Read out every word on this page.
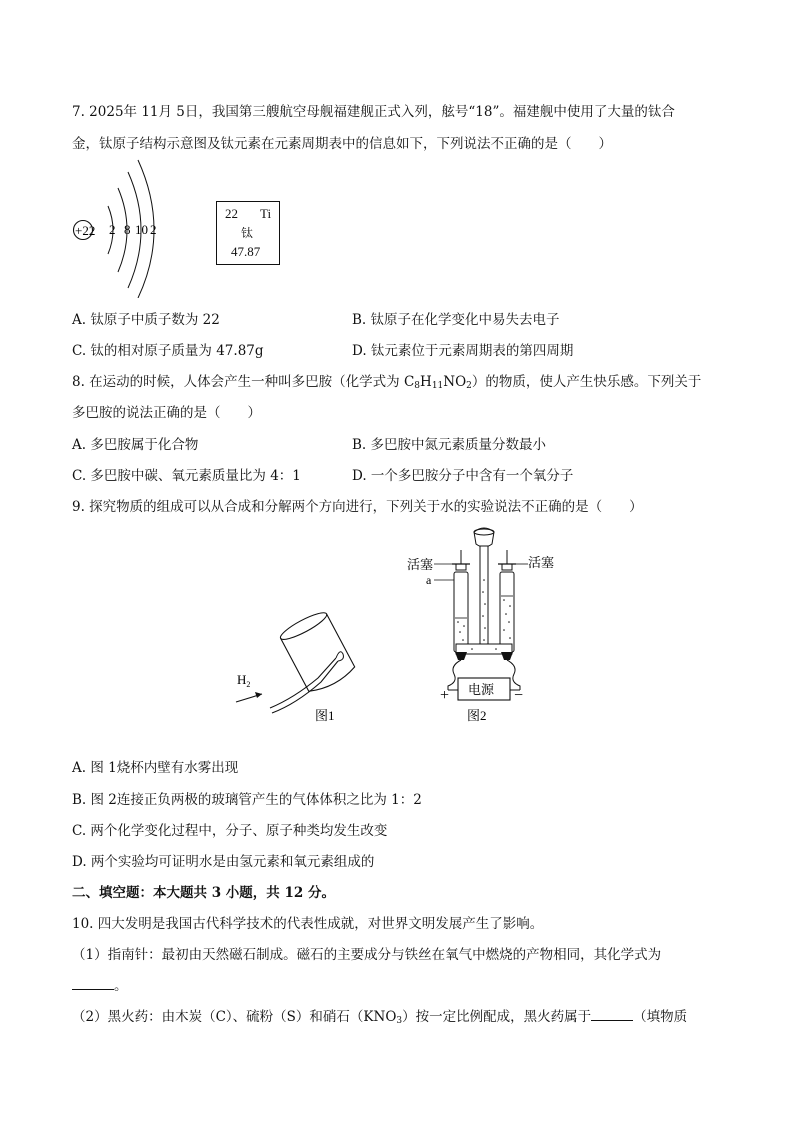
7. 2025年 11月 5日，我国第三艘航空母舰福建舰正式入列，舷号“18”。福建舰中使用了大量的钛合
金，钛原子结构示意图及钛元素在元素周期表中的信息如下，下列说法不正确的是（　　）
+22 2 8 10 2
22 Ti
钛
47.87
A. 钛原子中质子数为 22	B. 钛原子在化学变化中易失去电子
C. 钛的相对原子质量为 47.87g	D. 钛元素位于元素周期表的第四周期
8. 在运动的时候，人体会产生一种叫多巴胺（化学式为 $C_8H_{11}NO_2$）的物质，使人产生快乐感。下列关于
多巴胺的说法正确的是（　　）
A. 多巴胺属于化合物	B. 多巴胺中氮元素质量分数最小
C. 多巴胺中碳、氧元素质量比为 4：1	D. 一个多巴胺分子中含有一个氧分子
9. 探究物质的组成可以从合成和分解两个方向进行，下列关于水的实验说法不正确的是（　　）
$H_2$
图1
电源
+	−
活塞	活塞
a
图2
A. 图 1烧杯内壁有水雾出现
B. 图 2连接正负两极的玻璃管产生的气体体积之比为 1：2
C. 两个化学变化过程中，分子、原子种类均发生改变
D. 两个实验均可证明水是由氢元素和氧元素组成的
二、填空题：本大题共 3 小题，共 12 分。
10. 四大发明是我国古代科学技术的代表性成就，对世界文明发展产生了影响。
（1）指南针：最初由天然磁石制成。磁石的主要成分与铁丝在氧气中燃烧的产物相同，其化学式为
。
（2）黑火药：由木炭（C）、硫粉（S）和硝石$(KNO_3)$按一定比例配成，黑火药属于	（填物质
